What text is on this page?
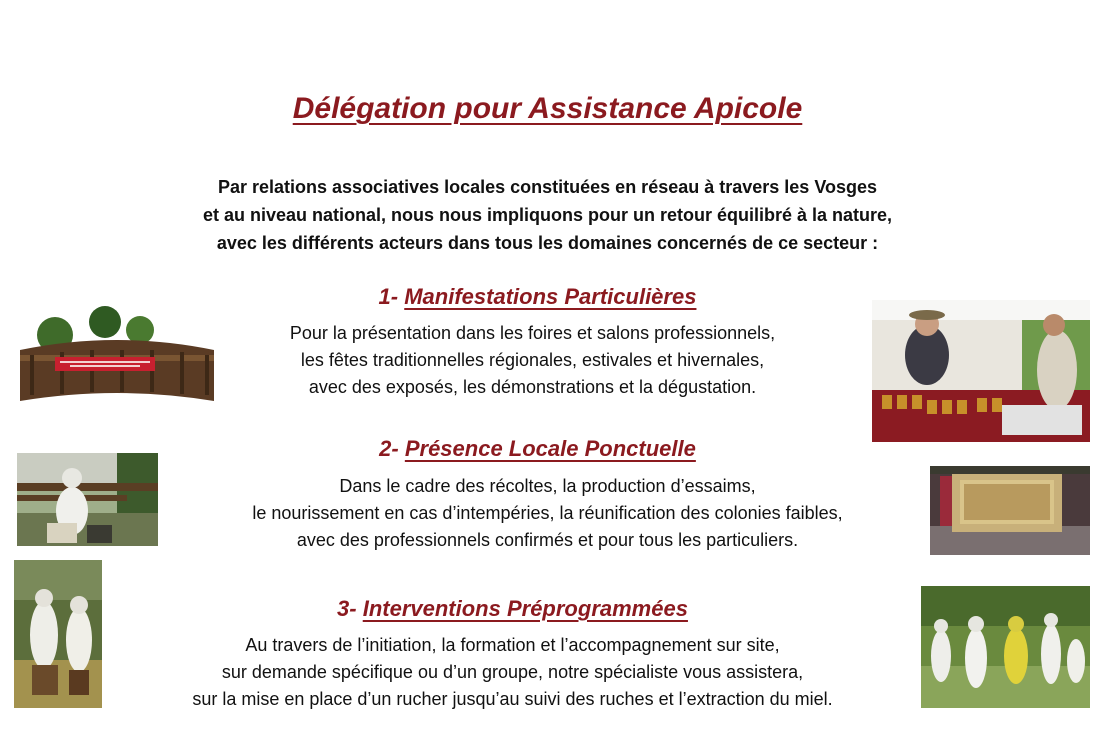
Délégation pour Assistance Apicole
Par relations associatives locales constituées en réseau à travers les Vosges
et au niveau national, nous nous impliquons pour un retour équilibré à la nature,
avec les différents acteurs dans tous les domaines concernés de ce secteur :
1- Manifestations Particulières
Pour la présentation dans les foires et salons professionnels,
les fêtes traditionnelles régionales, estivales et hivernales,
avec des exposés, les démonstrations et la dégustation.
2- Présence Locale Ponctuelle
Dans le cadre des récoltes, la production d’essaims,
le nourissement en cas d’intempéries, la réunification des colonies faibles,
avec des professionnels confirmés et pour tous les particuliers.
3- Interventions Préprogrammées
Au travers de l’initiation, la formation et l’accompagnement sur site,
sur demande spécifique ou d’un groupe, notre spécialiste vous assistera,
sur la mise en place d’un rucher jusqu’au suivi des ruches et l’extraction du miel.
